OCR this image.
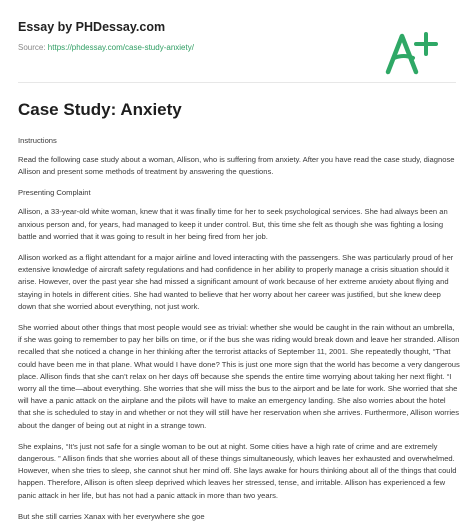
Essay by PHDessay.com
Source: https://phdessay.com/case-study-anxiety/
Case Study: Anxiety

Instructions

Read the following case study about a woman, Allison, who is suffering from anxiety. After you have read the case study, diagnose Allison and present some methods of treatment by answering the questions.

Presenting Complaint

Allison, a 33-year-old white woman, knew that it was finally time for her to seek psychological services. She had always been an anxious person and, for years, had managed to keep it under control. But, this time she felt as though she was fighting a losing battle and worried that it was going to result in her being fired from her job.

Allison worked as a flight attendant for a major airline and loved interacting with the passengers. She was particularly proud of her extensive knowledge of aircraft safety regulations and had confidence in her ability to properly manage a crisis situation should it arise. However, over the past year she had missed a significant amount of work because of her extreme anxiety about flying and staying in hotels in different cities. She had wanted to believe that her worry about her career was justified, but she knew deep down that she worried about everything, not just work.

She worried about other things that most people would see as trivial: whether she would be caught in the rain without an umbrella, if she was going to remember to pay her bills on time, or if the bus she was riding would break down and leave her stranded. Allison recalled that she noticed a change in her thinking after the terrorist attacks of September 11, 2001. She repeatedly thought, “That could have been me in that plane. What would I have done? This is just one more sign that the world has become a very dangerous place. Allison finds that she can’t relax on her days off because she spends the entire time worrying about taking her next flight. “I worry all the time—about everything. She worries that she will miss the bus to the airport and be late for work. She worried that she will have a panic attack on the airplane and the pilots will have to make an emergency landing. She also worries about the hotel that she is scheduled to stay in and whether or not they will still have her reservation when she arrives. Furthermore, Allison worries about the danger of being out at night in a strange town.

She explains, “It’s just not safe for a single woman to be out at night. Some cities have a high rate of crime and are extremely dangerous. ” Allison finds that she worries about all of these things simultaneously, which leaves her exhausted and overwhelmed. However, when she tries to sleep, she cannot shut her mind off. She lays awake for hours thinking about all of the things that could happen. Therefore, Allison is often sleep deprived which leaves her stressed, tense, and irritable. Allison has experienced a few panic attack in her life, but has not had a panic attack in more than two years.

But she still carries Xanax with her everywhere she goe
